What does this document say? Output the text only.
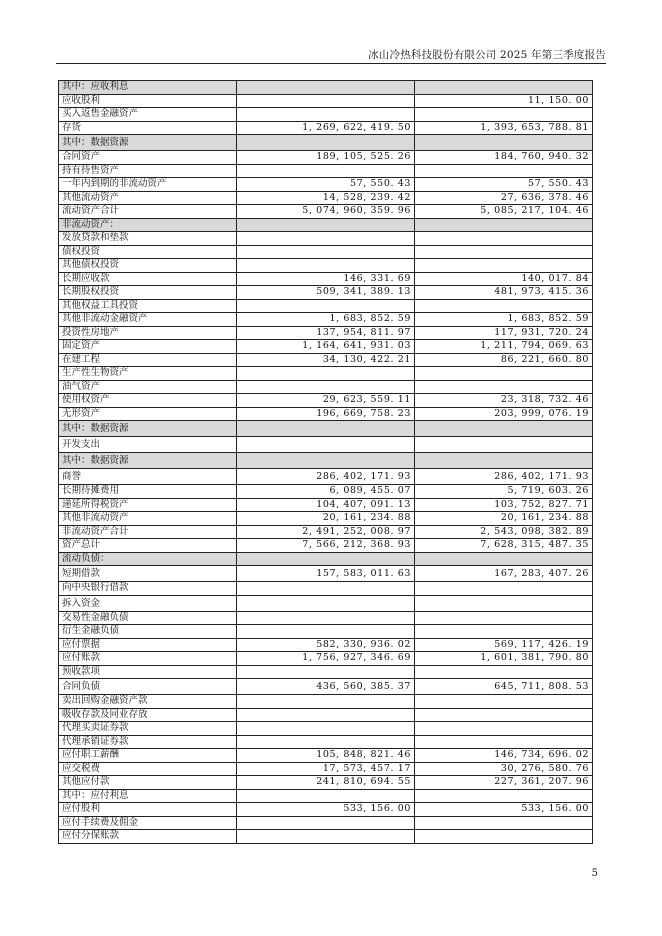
冰山冷热科技股份有限公司 2025 年第三季度报告
其中：应收利息		
应收股利		11, 150. 00
买入返售金融资产		
存货	1, 269, 622, 419. 50	1, 393, 653, 788. 81
其中：数据资源		
合同资产	189, 105, 525. 26	184, 760, 940. 32
持有待售资产		
一年内到期的非流动资产	57, 550. 43	57, 550. 43
其他流动资产	14, 528, 239. 42	27, 636, 378. 46
流动资产合计	5, 074, 960, 359. 96	5, 085, 217, 104. 46
非流动资产：		
发放贷款和垫款		
债权投资		
其他债权投资		
长期应收款	146, 331. 69	140, 017. 84
长期股权投资	509, 341, 389. 13	481, 973, 415. 36
其他权益工具投资		
其他非流动金融资产	1, 683, 852. 59	1, 683, 852. 59
投资性房地产	137, 954, 811. 97	117, 931, 720. 24
固定资产	1, 164, 641, 931. 03	1, 211, 794, 069. 63
在建工程	34, 130, 422. 21	86, 221, 660. 80
生产性生物资产		
油气资产		
使用权资产	29, 623, 559. 11	23, 318, 732. 46
无形资产	196, 669, 758. 23	203, 999, 076. 19
其中：数据资源		
开发支出		
其中：数据资源		
商誉	286, 402, 171. 93	286, 402, 171. 93
长期待摊费用	6, 089, 455. 07	5, 719, 603. 26
递延所得税资产	104, 407, 091. 13	103, 752, 827. 71
其他非流动资产	20, 161, 234. 88	20, 161, 234. 88
非流动资产合计	2, 491, 252, 008. 97	2, 543, 098, 382. 89
资产总计	7, 566, 212, 368. 93	7, 628, 315, 487. 35
流动负债：		
短期借款	157, 583, 011. 63	167, 283, 407. 26
向中央银行借款		
拆入资金		
交易性金融负债		
衍生金融负债		
应付票据	582, 330, 936. 02	569, 117, 426. 19
应付账款	1, 756, 927, 346. 69	1, 601, 381, 790. 80
预收款项		
合同负债	436, 560, 385. 37	645, 711, 808. 53
卖出回购金融资产款		
吸收存款及同业存放		
代理买卖证券款		
代理承销证券款		
应付职工薪酬	105, 848, 821. 46	146, 734, 696. 02
应交税费	17, 573, 457. 17	30, 276, 580. 76
其他应付款	241, 810, 694. 55	227, 361, 207. 96
其中：应付利息		
应付股利	533, 156. 00	533, 156. 00
应付手续费及佣金		
应付分保账款		
5
